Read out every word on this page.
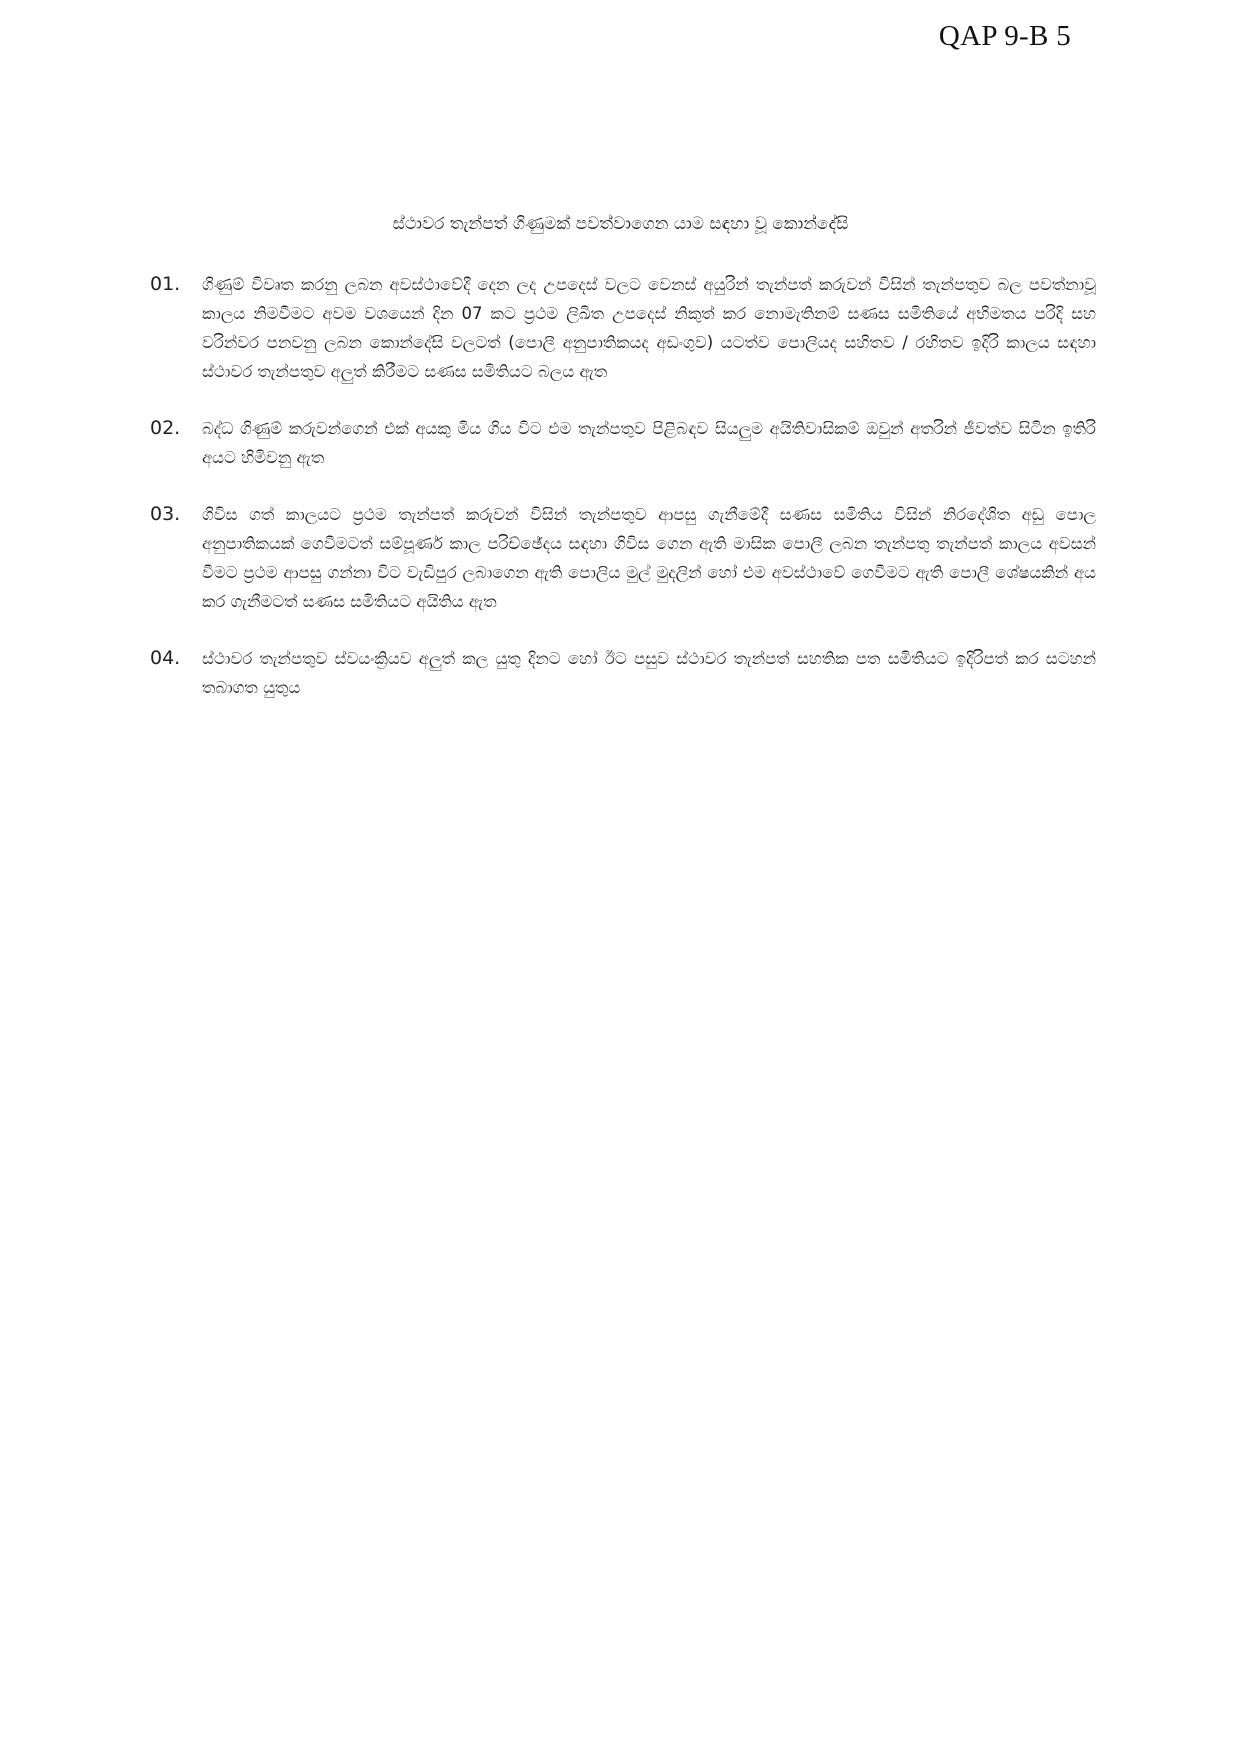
QAP 9-B 5
ස්ථාවර තැන්පත් ගිණුමක් පවත්වාගෙන යාම සඳහා වූ කොන්දේසි
01.	ගිණුම් විවෘත කරනු ලබන අවස්ථාවේදී දෙන ලද උපදෙස් වලට වෙනස් අයුරින් තැන්පත් කරුවන් විසින් තැන්පතුව බල පවත්නාවූ කාලය නිමවීමට අවම වශයෙන් දින 07 කට ප්‍රථම ලිඛිත උපදෙස් නිකුත් කර නොමැතිනම් සණස සමිතියේ අභිමතය පරිදි සහ වරින්වර පනවනු ලබන කොන්දේසි වලටත් (පොලී අනුපාතිකයද අඩංගුව) යටත්ව පොලියද සහිතව / රහිතව ඉදිරි කාලය සඳහා ස්ථාවර තැන්පතුව අලුත් කිරීමට සණස සමිතියට බලය ඇත
02.	බද්ධ ගිණුම් කරුවන්ගෙන් එක් අයකු මිය ගිය විට එම තැන්පතුව පිළිබඳව සියලුම අයිතිවාසිකම් ඔවුන් අතරින් ජීවත්ව සිටින ඉතිරි අයට හිමිවනු ඇත
03.	ගිවිස ගත් කාලයට ප්‍රථම තැන්පත් කරුවන් විසින් තැන්පතුව ආපසු ගැනීමේදී සණස සමිතිය විසින් නිරදේශිත අඩු පොල අනුපාතිකයක් ගෙවීමටත් සම්පූර්ණ කාල පරිච්ඡේදය සඳහා ගිවිස ගෙන ඇති මාසික පොලී ලබන තැන්පතු තැන්පත් කාලය අවසන් වීමට ප්‍රථම ආපසු ගන්නා විට වැඩිපුර ලබාගෙන ඇති පොලිය මුල් මුදලින් හෝ එම අවස්ථාවේ ගෙවීමට ඇති පොලී ශේෂයකින් අය කර ගැනීමටත් සණස සමිතියට අයිතිය ඇත
04.	ස්ථාවර තැන්පතුව ස්වයංක්‍රියව අලුත් කල යුතු දිනට හෝ ඊට පසුව ස්ථාවර තැන්පත් සහතික පත සමිතියට ඉදිරිපත් කර සටහන් තබාගත යුතුය
